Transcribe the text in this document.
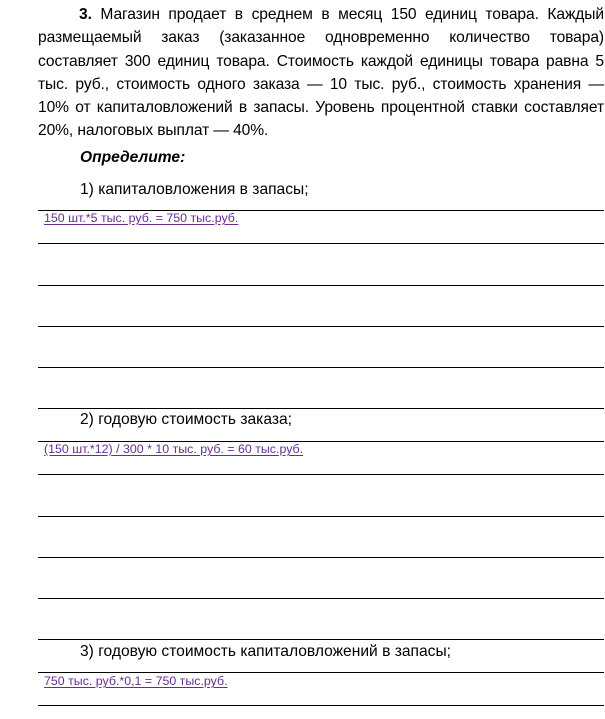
3. Магазин продает в среднем в месяц 150 единиц товара. Каждый размещаемый заказ (заказанное одновременно количество товара) составляет 300 единиц товара. Стоимость каждой единицы товара равна 5 тыс. руб., стоимость одного заказа — 10 тыс. руб., стоимость хранения — 10% от капиталовложений в запасы. Уровень процентной ставки составляет 20%, налоговых выплат — 40%.
Определите:
1) капиталовложения в запасы;
150 шт.*5 тыс. руб. = 750 тыс.руб.
2) годовую стоимость заказа;
(150 шт.*12) / 300 * 10 тыс. руб. = 60 тыс.руб.
3) годовую стоимость капиталовложений в запасы;
750 тыс. руб.*0,1 = 750 тыс.руб.
